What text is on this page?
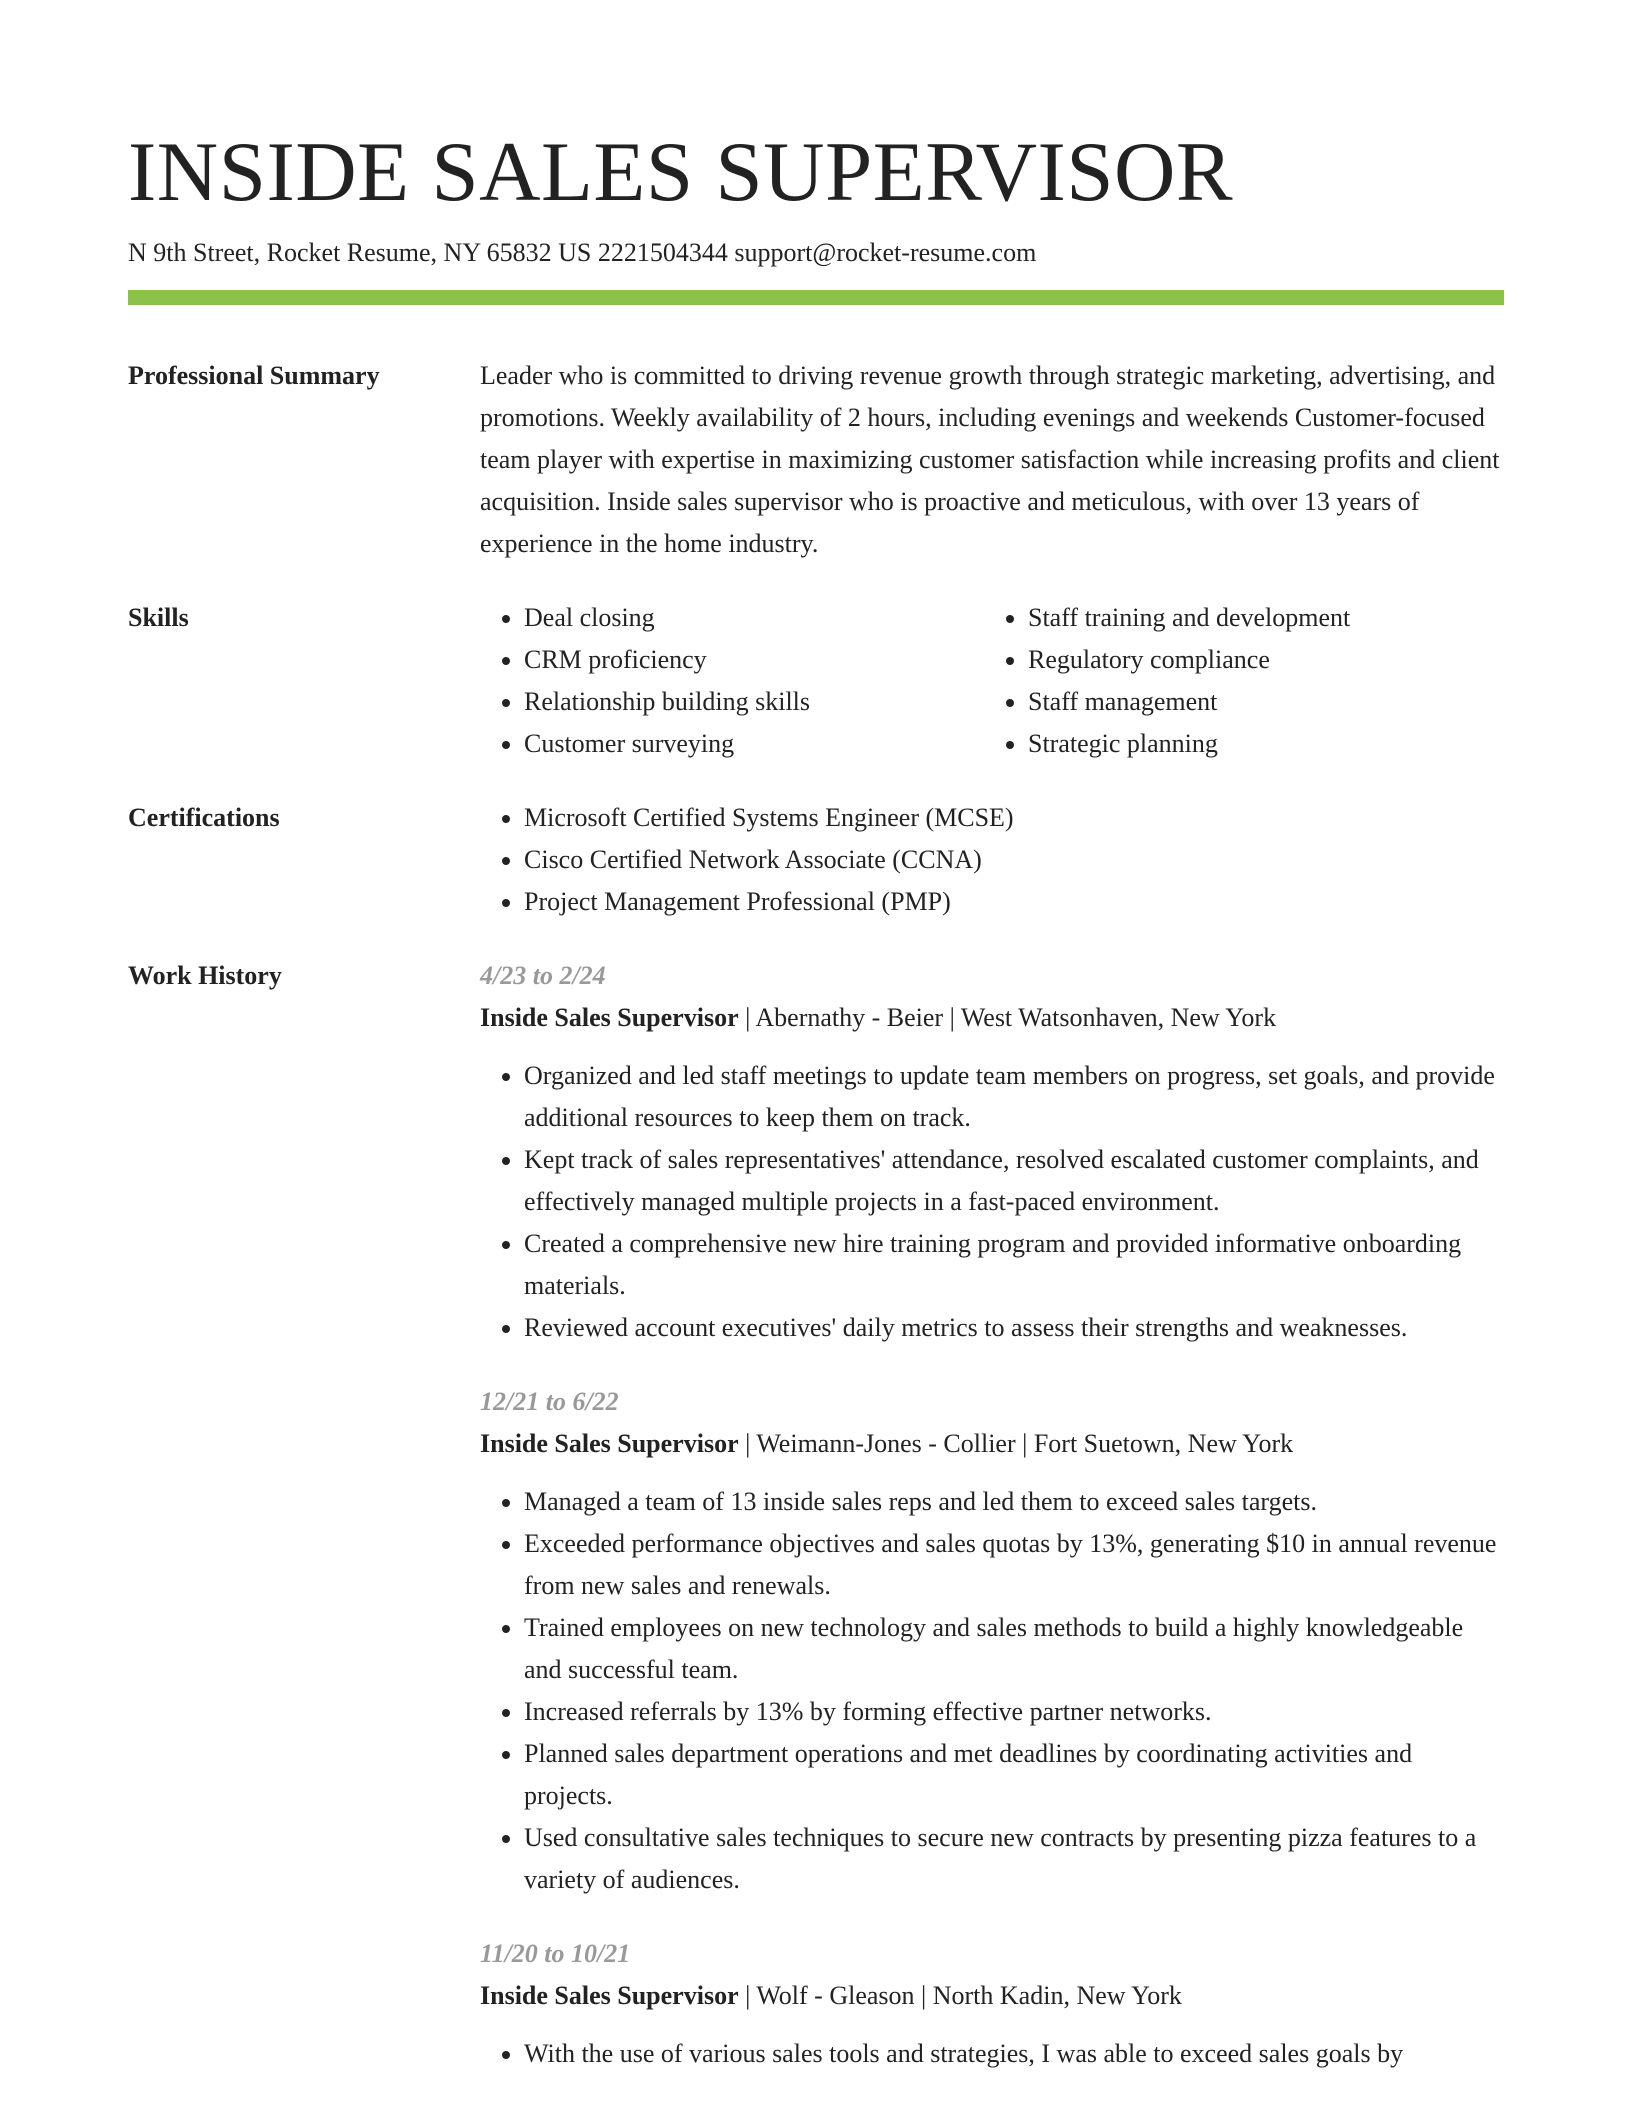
INSIDE SALES SUPERVISOR
N 9th Street, Rocket Resume, NY 65832 US 2221504344 support@rocket-resume.com
Professional Summary	Leader who is committed to driving revenue growth through strategic marketing, advertising, and promotions. Weekly availability of 2 hours, including evenings and weekends Customer-focused team player with expertise in maximizing customer satisfaction while increasing profits and client acquisition. Inside sales supervisor who is proactive and meticulous, with over 13 years of experience in the home industry.
Skills	• Deal closing
• CRM proficiency
• Relationship building skills
• Customer surveying
• Staff training and development
• Regulatory compliance
• Staff management
• Strategic planning
Certifications	• Microsoft Certified Systems Engineer (MCSE)
• Cisco Certified Network Associate (CCNA)
• Project Management Professional (PMP)
Work History	4/23 to 2/24
Inside Sales Supervisor | Abernathy - Beier | West Watsonhaven, New York
• Organized and led staff meetings to update team members on progress, set goals, and provide additional resources to keep them on track.
• Kept track of sales representatives' attendance, resolved escalated customer complaints, and effectively managed multiple projects in a fast-paced environment.
• Created a comprehensive new hire training program and provided informative onboarding materials.
• Reviewed account executives' daily metrics to assess their strengths and weaknesses.
12/21 to 6/22
Inside Sales Supervisor | Weimann-Jones - Collier | Fort Suetown, New York
• Managed a team of 13 inside sales reps and led them to exceed sales targets.
• Exceeded performance objectives and sales quotas by 13%, generating $10 in annual revenue from new sales and renewals.
• Trained employees on new technology and sales methods to build a highly knowledgeable and successful team.
• Increased referrals by 13% by forming effective partner networks.
• Planned sales department operations and met deadlines by coordinating activities and projects.
• Used consultative sales techniques to secure new contracts by presenting pizza features to a variety of audiences.
11/20 to 10/21
Inside Sales Supervisor | Wolf - Gleason | North Kadin, New York
• With the use of various sales tools and strategies, I was able to exceed sales goals by
